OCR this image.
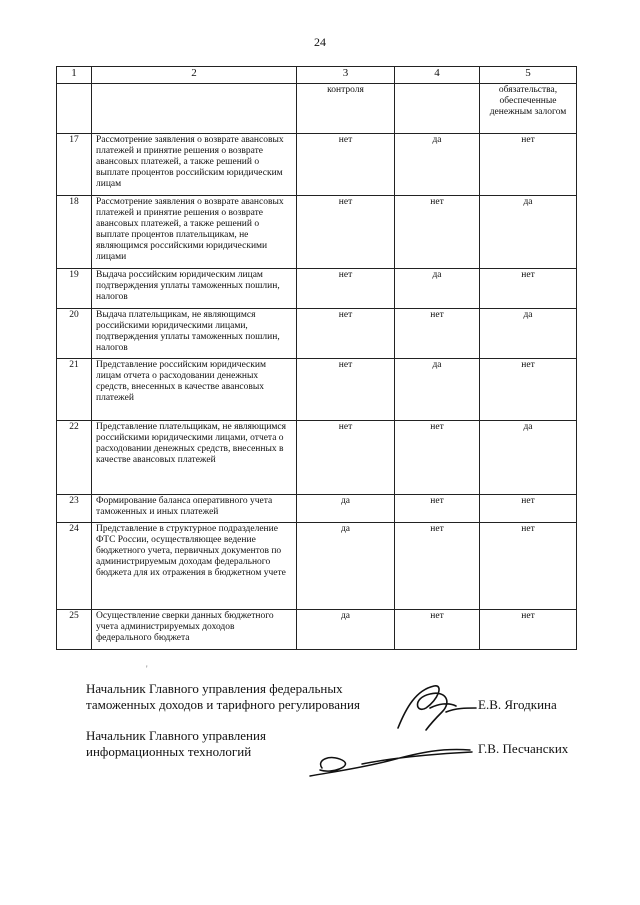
24
1	2	3	4	5
		контроля		обязательства, обеспеченные денежным залогом
17	Рассмотрение заявления о возврате авансовых платежей и принятие решения о возврате авансовых платежей, а также решений о выплате процентов российским юридическим лицам	нет	да	нет
18	Рассмотрение заявления о возврате авансовых платежей и принятие решения о возврате авансовых платежей, а также решений о выплате процентов плательщикам, не являющимся российскими юридическими лицами	нет	нет	да
19	Выдача российским юридическим лицам подтверждения уплаты таможенных пошлин, налогов	нет	да	нет
20	Выдача плательщикам, не являющимся российскими юридическими лицами, подтверждения уплаты таможенных пошлин, налогов	нет	нет	да
21	Представление российским юридическим лицам отчета о расходовании денежных средств, внесенных в качестве авансовых платежей	нет	да	нет
22	Представление плательщикам, не являющимся российскими юридическими лицами, отчета о расходовании денежных средств, внесенных в качестве авансовых платежей	нет	нет	да
23	Формирование баланса оперативного учета таможенных и иных платежей	да	нет	нет
24	Представление в структурное подразделение ФТС России, осуществляющее ведение бюджетного учета, первичных документов по администрируемым доходам федерального бюджета для их отражения в бюджетном учете	да	нет	нет
25	Осуществление сверки данных бюджетного учета администрируемых доходов федерального бюджета	да	нет	нет
'
Начальник Главного управления федеральных
таможенных доходов и тарифного регулирования	Е.В. Ягодкина
Начальник Главного управления
информационных технологий	Г.В. Песчанских
